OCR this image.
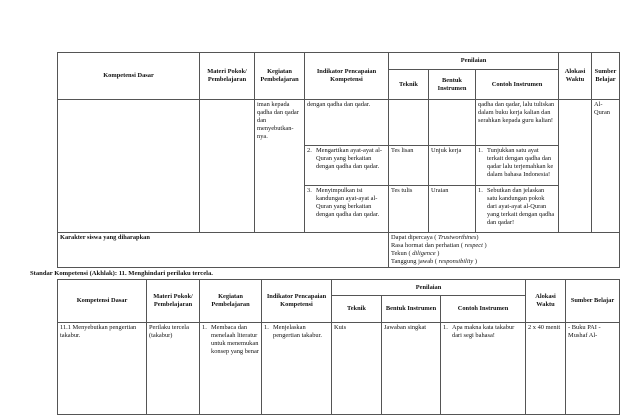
Kompetensi Dasar	Materi Pokok/ Pembelajaran	Kegiatan Pembelajaran	Indikator Pencapaian Kompetensi	Penilaian			Alokasi Waktu	Sumber Belajar
				Teknik	Bentuk Instrumen	Contoh Instrumen		
		iman kepada qadha dan qadar dan menyebutkan-nya.	dengan qadha dan qadar.			qadha dan qadar, lalu tuliskan dalam buku kerja kalian dan serahkan kepada guru kalian!		Al-Quran

			2. Mengartikan ayat-ayat al-Quran yang berkaitan dengan qadha dan qadar.	Tes lisan	Unjuk kerja	1. Tunjukkan satu ayat terkait dengan qadha dan qadar lalu terjemahkan ke dalam bahasa Indonesia!		

			3. Menyimpulkan isi kandungan ayat-ayat al-Quran yang berkaitan dengan qadha dan qadar.	Tes tulis	Uraian	1. Sebutkan dan jelaskan satu kandungan pokok dari ayat-ayat al-Quran yang terkait dengan qadha dan qadar!		

Karakter siswa yang diharapkan				Dapat dipercaya ( Trustworthines)
Rasa hormat dan perhatian ( respect )
Tekun ( diligence )
Tanggung jawab ( responsibility )				
Standar Kompetensi (Akhlak): 11. Menghindari perilaku tercela.
Kompetensi Dasar	Materi Pokok/ Pembelajaran	Kegiatan Pembelajaran	Indikator Pencapaian Kompetensi	Penilaian			Alokasi Waktu	Sumber Belajar
				Teknik	Bentuk Instrumen	Contoh Instrumen		
11.1 Menyebutkan pengertian takabur.	Perilaku tercela (takabur)	1. Membaca dan menelaah literatur untuk menemukan konsep yang benar	1. Menjelaskan pengertian takabur.	Kuis	Jawaban singkat	1. Apa makna kata takabur dari segi bahasa!	2 x 40 menit	- Buku PAI - Mushaf Al-
